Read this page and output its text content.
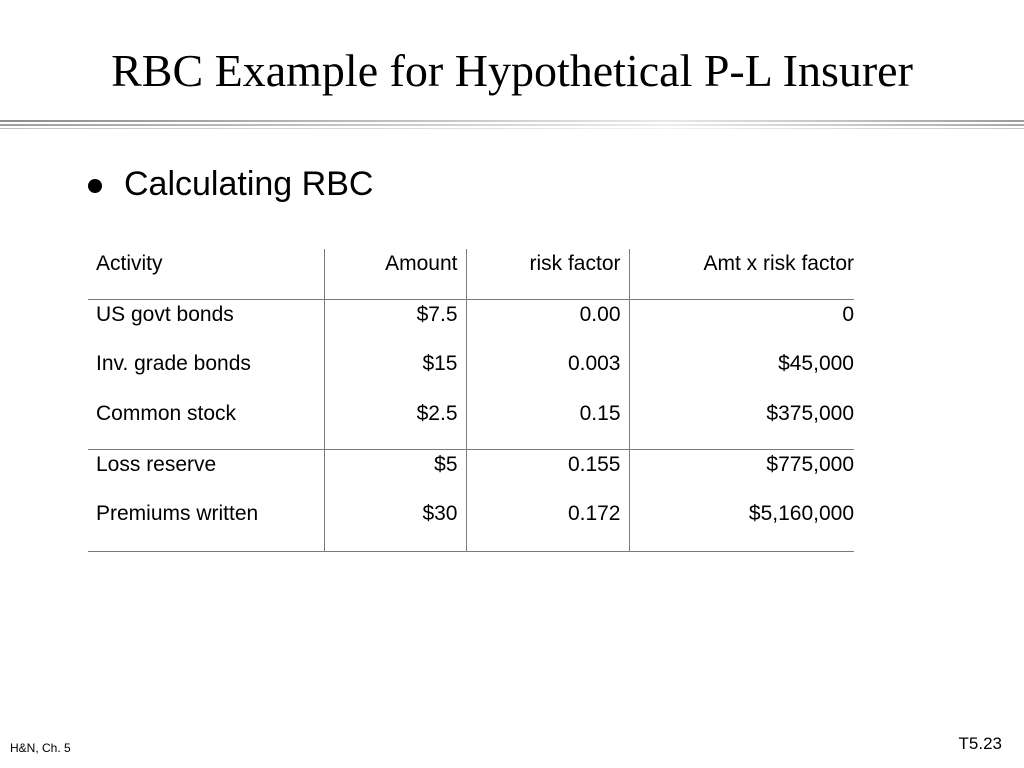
RBC Example for Hypothetical P-L Insurer
Calculating RBC
Activity	Amount	risk factor	Amt x risk factor
US govt bonds	$7.5	0.00	0
Inv. grade bonds	$15	0.003	$45,000
Common stock	$2.5	0.15	$375,000
Loss reserve	$5	0.155	$775,000
Premiums written	$30	0.172	$5,160,000
H&N, Ch. 5	T5.23
